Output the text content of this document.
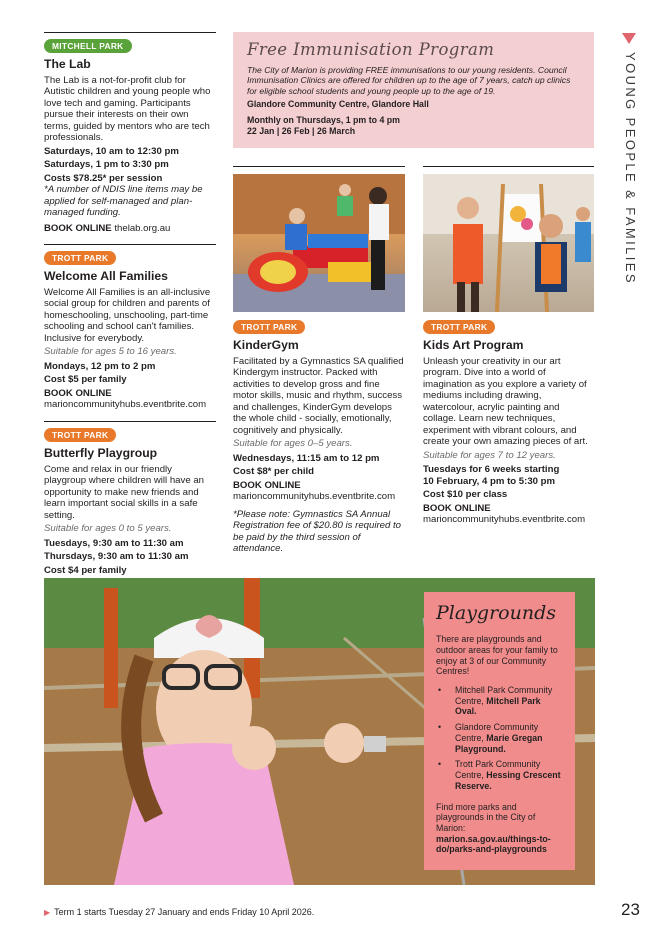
YOUNG PEOPLE & FAMILIES
MITCHELL PARK
The Lab

The Lab is a not-for-profit club for Autistic children and young people who love tech and gaming. Participants pursue their interests on their own terms, guided by mentors who are tech professionals.

Saturdays, 10 am to 12:30 pm
Saturdays, 1 pm to 3:30 pm
Costs $78.25* per session
*A number of NDIS line items may be applied for self-managed and plan-managed funding.
BOOK ONLINE thelab.org.au
TROTT PARK
Welcome All Families

Welcome All Families is an all-inclusive social group for children and parents of homeschooling, unschooling, part-time schooling and school can't families. Inclusive for everybody.

Suitable for ages 5 to 16 years.
Mondays, 12 pm to 2 pm
Cost $5 per family
BOOK ONLINE
marioncommunityhubs.eventbrite.com
TROTT PARK
Butterfly Playgroup

Come and relax in our friendly playgroup where children will have an opportunity to make new friends and learn important social skills in a safe setting.

Suitable for ages 0 to 5 years.
Tuesdays, 9:30 am to 11:30 am
Thursdays, 9:30 am to 11:30 am
Cost $4 per family
Free Immunisation Program
The City of Marion is providing FREE immunisations to our young residents. Council Immunisation Clinics are offered for children up to the age of 7 years, catch up clinics for eligible school students and young people up to the age of 19.
Glandore Community Centre, Glandore Hall
Monthly on Thursdays, 1 pm to 4 pm
22 Jan | 26 Feb | 26 March
TROTT PARK
KinderGym

Facilitated by a Gymnastics SA qualified Kindergym instructor. Packed with activities to develop gross and fine motor skills, music and rhythm, success and challenges, KinderGym develops the whole child - socially, emotionally, cognitively and physically.

Suitable for ages 0–5 years.
Wednesdays, 11:15 am to 12 pm
Cost $8* per child
BOOK ONLINE
marioncommunityhubs.eventbrite.com
*Please note: Gymnastics SA Annual Registration fee of $20.80 is required to be paid by the third session of attendance.
TROTT PARK
Kids Art Program

Unleash your creativity in our art program. Dive into a world of imagination as you explore a variety of mediums including drawing, watercolour, acrylic painting and collage. Learn new techniques, experiment with vibrant colours, and create your own amazing pieces of art.

Suitable for ages 7 to 12 years.
Tuesdays for 6 weeks starting
10 February, 4 pm to 5:30 pm
Cost $10 per class
BOOK ONLINE
marioncommunityhubs.eventbrite.com
Playgrounds
There are playgrounds and outdoor areas for your family to enjoy at 3 of our Community Centres!
• Mitchell Park Community Centre, Mitchell Park Oval.
• Glandore Community Centre, Marie Gregan Playground.
• Trott Park Community Centre, Hessing Crescent Reserve.
Find more parks and playgrounds in the City of Marion: marion.sa.gov.au/things-to-do/parks-and-playgrounds
▶ Term 1 starts Tuesday 27 January and ends Friday 10 April 2026.	23
